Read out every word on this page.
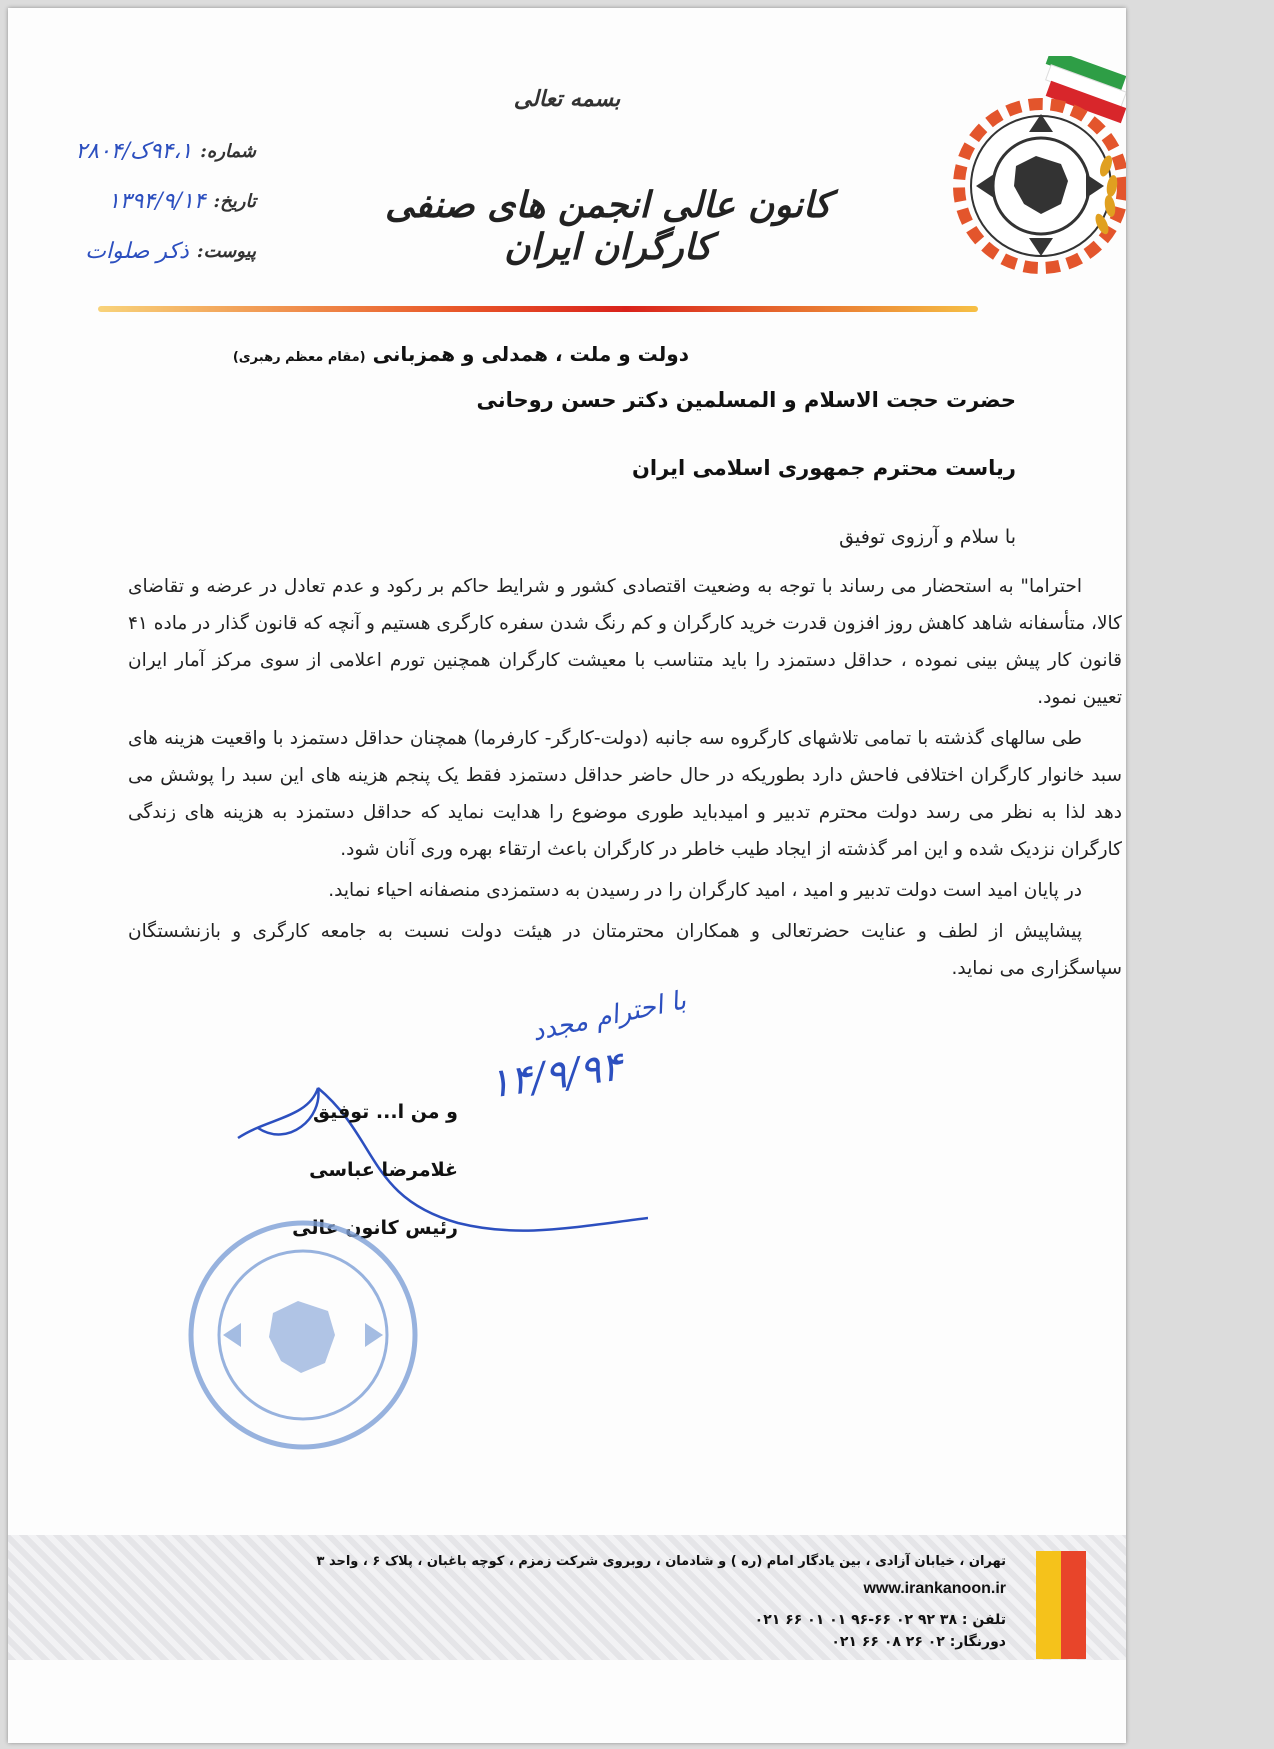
بسمه تعالی
کانون عالی انجمن های صنفی کارگران ایران
شماره:
۹۴،۱ک/۲۸۰۴
تاریخ:
۱۳۹۴/۹/۱۴
پیوست:
ذکر صلوات
دولت و ملت ، همدلی و همزبانی (مقام معظم رهبری)
حضرت حجت الاسلام و المسلمین دکتر حسن روحانی
ریاست محترم جمهوری اسلامی ایران
با سلام و آرزوی توفیق

احتراما" به استحضار می رساند با توجه به وضعیت اقتصادی کشور و شرایط حاکم بر رکود و عدم تعادل در عرضه و تقاضای کالا، متأسفانه شاهد کاهش روز افزون قدرت خرید کارگران و کم رنگ شدن سفره کارگری هستیم و آنچه که قانون گذار در ماده ۴۱ قانون کار پیش بینی نموده ، حداقل دستمزد را باید متناسب با معیشت کارگران همچنین تورم اعلامی از سوی مرکز آمار ایران تعیین نمود.

طی سالهای گذشته با تمامی تلاشهای کارگروه سه جانبه (دولت-کارگر- کارفرما) همچنان حداقل دستمزد با واقعیت هزینه های سبد خانوار کارگران اختلافی فاحش دارد بطوریکه در حال حاضر حداقل دستمزد فقط یک پنجم هزینه های این سبد را پوشش می دهد لذا به نظر می رسد دولت محترم تدبیر و امیدباید طوری موضوع را هدایت نماید که حداقل دستمزد به هزینه های زندگی کارگران نزدیک شده و این امر گذشته از ایجاد طیب خاطر در کارگران باعث ارتقاء بهره وری آنان شود.

در پایان امید است دولت تدبیر و امید ، امید کارگران را در رسیدن به دستمزدی منصفانه احیاء نماید.

پیشاپیش از لطف و عنایت حضرتعالی و همکاران محترمتان در هیئت دولت نسبت به جامعه کارگری و بازنشستگان سپاسگزاری می نماید.

با احترام مجدد
۱۴/۹/۹۴
و من ا... توفیق
غلامرضا عباسی
رئیس کانون عالی
تهران ، خیابان آزادی ، بین یادگار امام (ره ) و شادمان ، روبروی شرکت زمزم ، کوچه باغبان ، پلاک ۶ ، واحد ۳
www.irankanoon.ir
تلفن : ۳۸ ۹۲ ۰۲ ۶۶-۹۶ ۰۱ ۰۱ ۶۶ ۰۲۱
دورنگار: ۰۲ ۲۶ ۰۸ ۶۶ ۰۲۱
